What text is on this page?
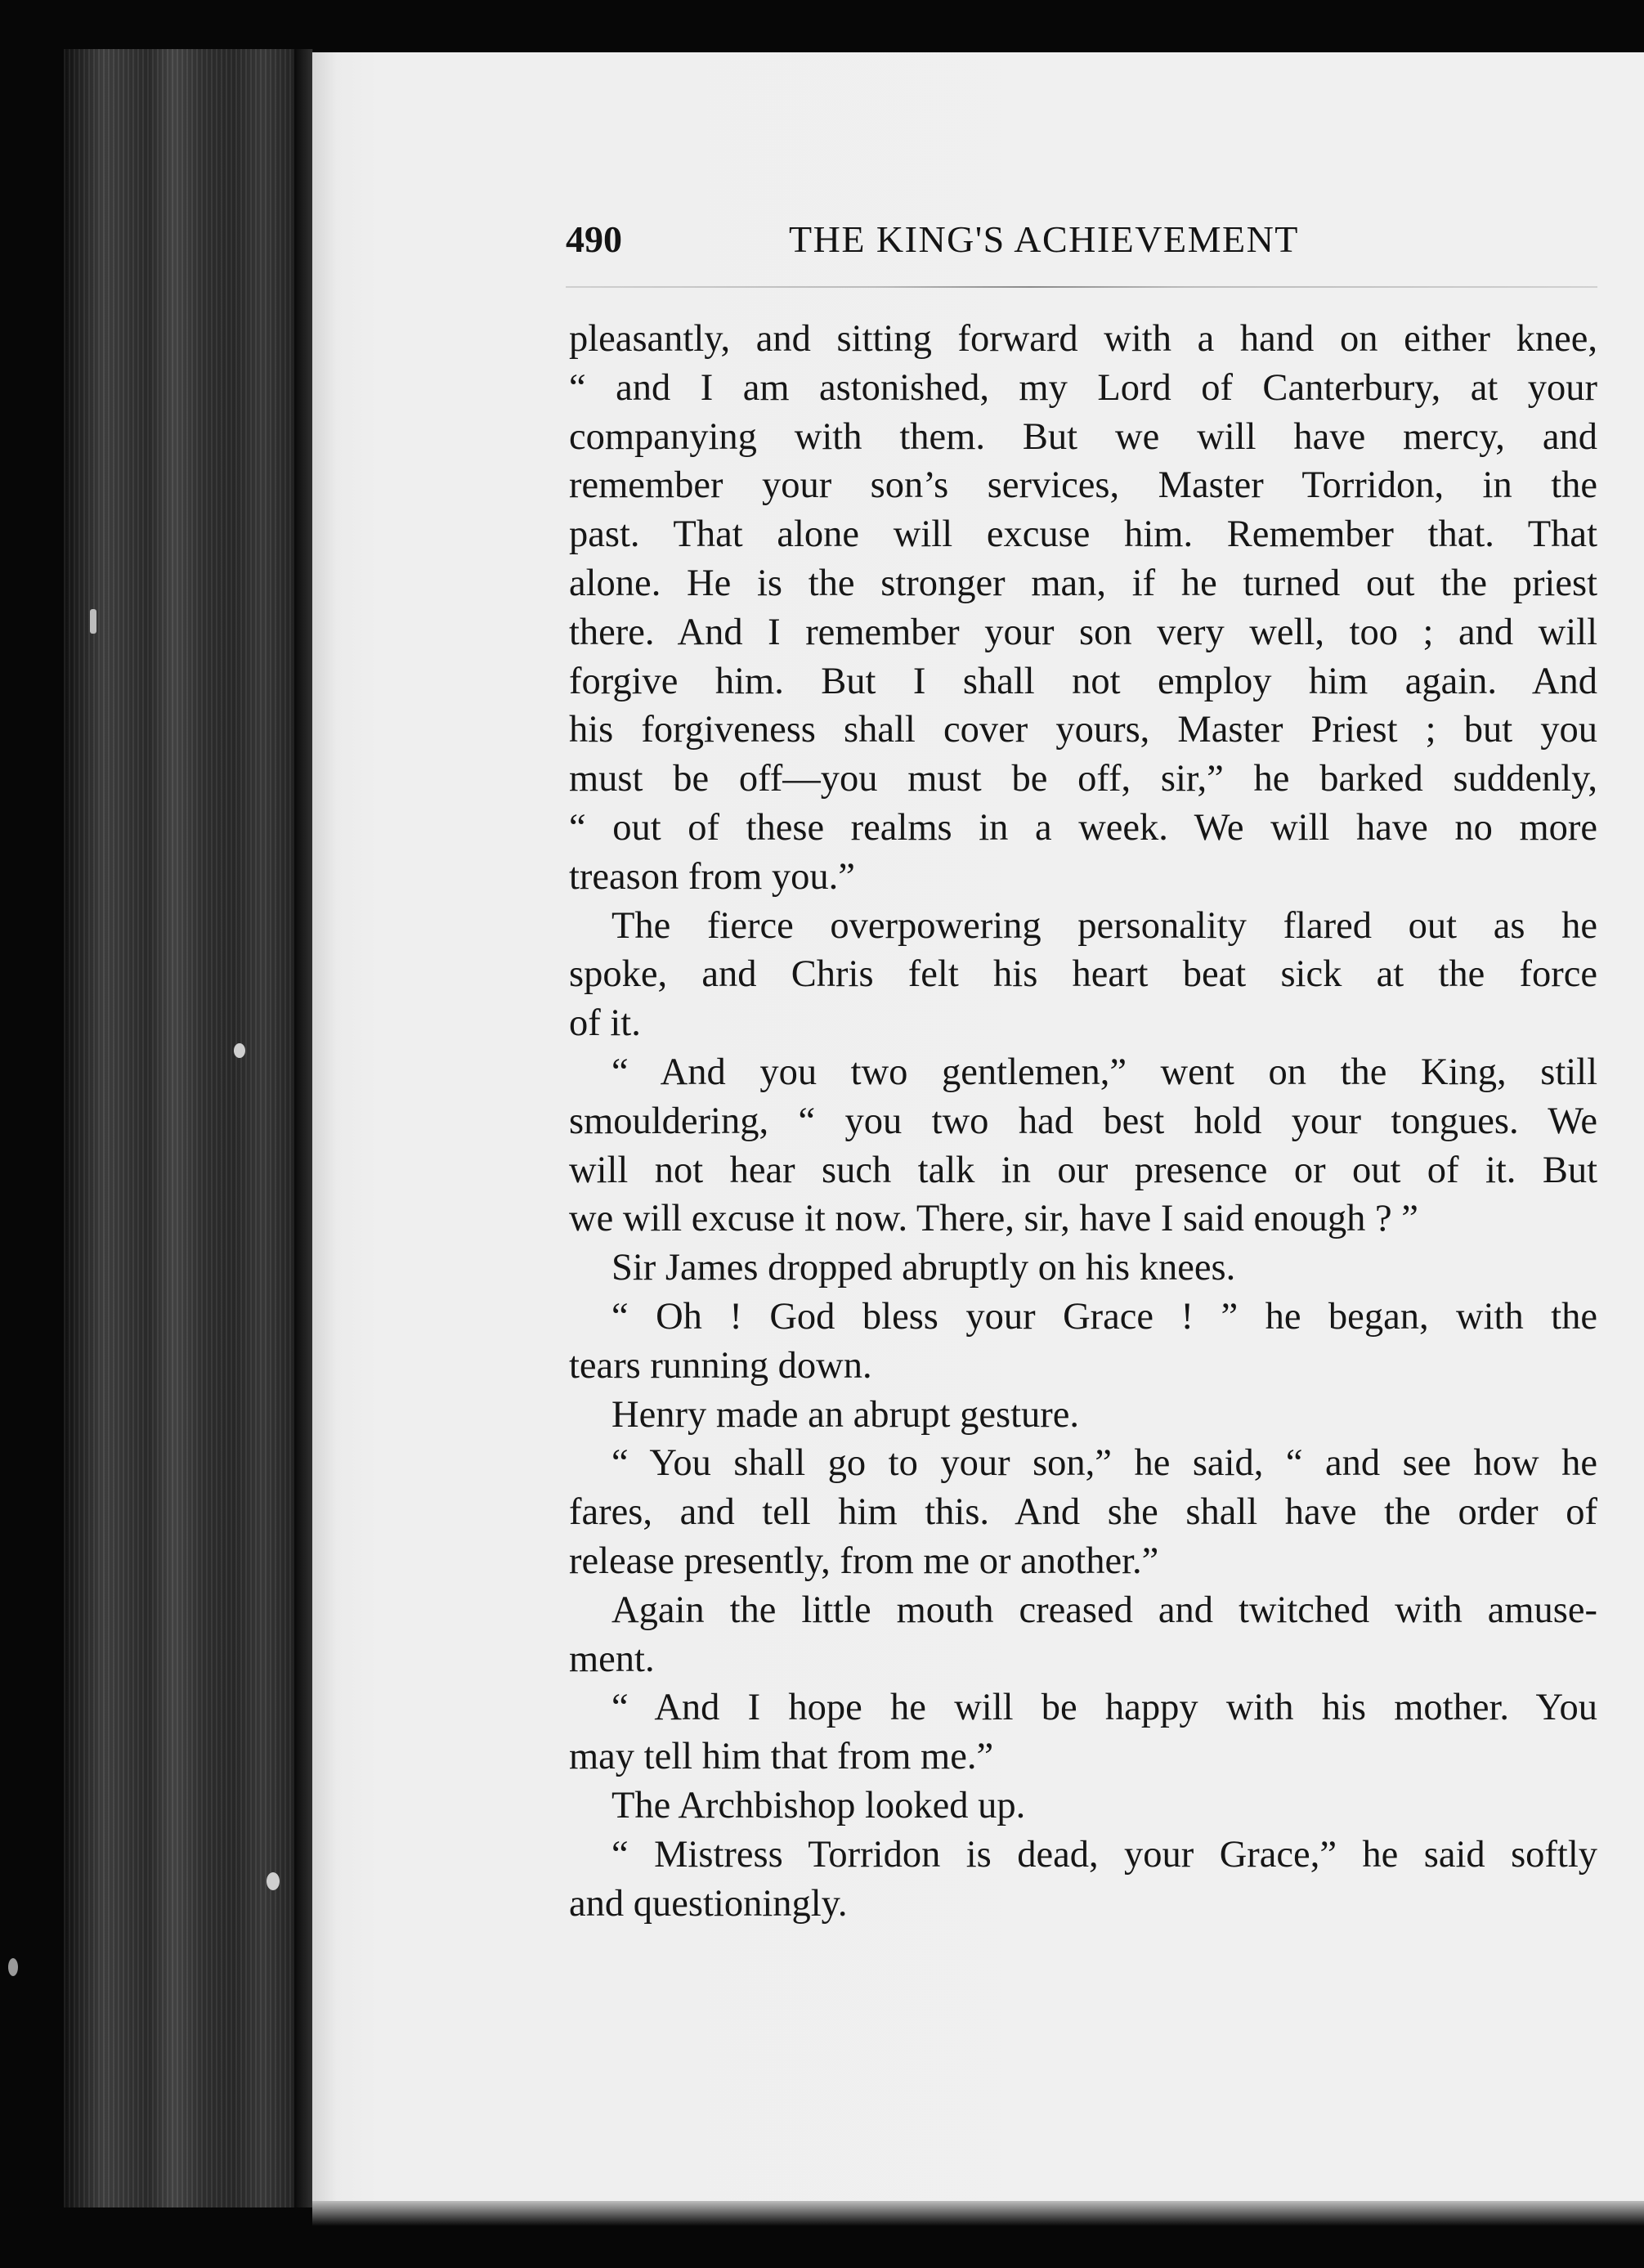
490	THE KING'S ACHIEVEMENT

pleasantly, and sitting forward with a hand on either knee,
“ and I am astonished, my Lord of Canterbury, at your
companying with them. But we will have mercy, and
remember your son’s services, Master Torridon, in the
past. That alone will excuse him. Remember that. That
alone. He is the stronger man, if he turned out the priest
there. And I remember your son very well, too ; and will
forgive him. But I shall not employ him again. And
his forgiveness shall cover yours, Master Priest ; but you
must be off—you must be off, sir,” he barked suddenly,
“ out of these realms in a week. We will have no more
treason from you.”

The fierce overpowering personality flared out as he
spoke, and Chris felt his heart beat sick at the force
of it.

“ And you two gentlemen,” went on the King, still
smouldering, “ you two had best hold your tongues. We
will not hear such talk in our presence or out of it. But
we will excuse it now. There, sir, have I said enough ? ”

Sir James dropped abruptly on his knees.

“ Oh ! God bless your Grace ! ” he began, with the
tears running down.

Henry made an abrupt gesture.

“ You shall go to your son,” he said, “ and see how he
fares, and tell him this. And she shall have the order of
release presently, from me or another.”

Again the little mouth creased and twitched with amuse-
ment.

“ And I hope he will be happy with his mother. You
may tell him that from me.”

The Archbishop looked up.

“ Mistress Torridon is dead, your Grace,” he said softly
and questioningly.
